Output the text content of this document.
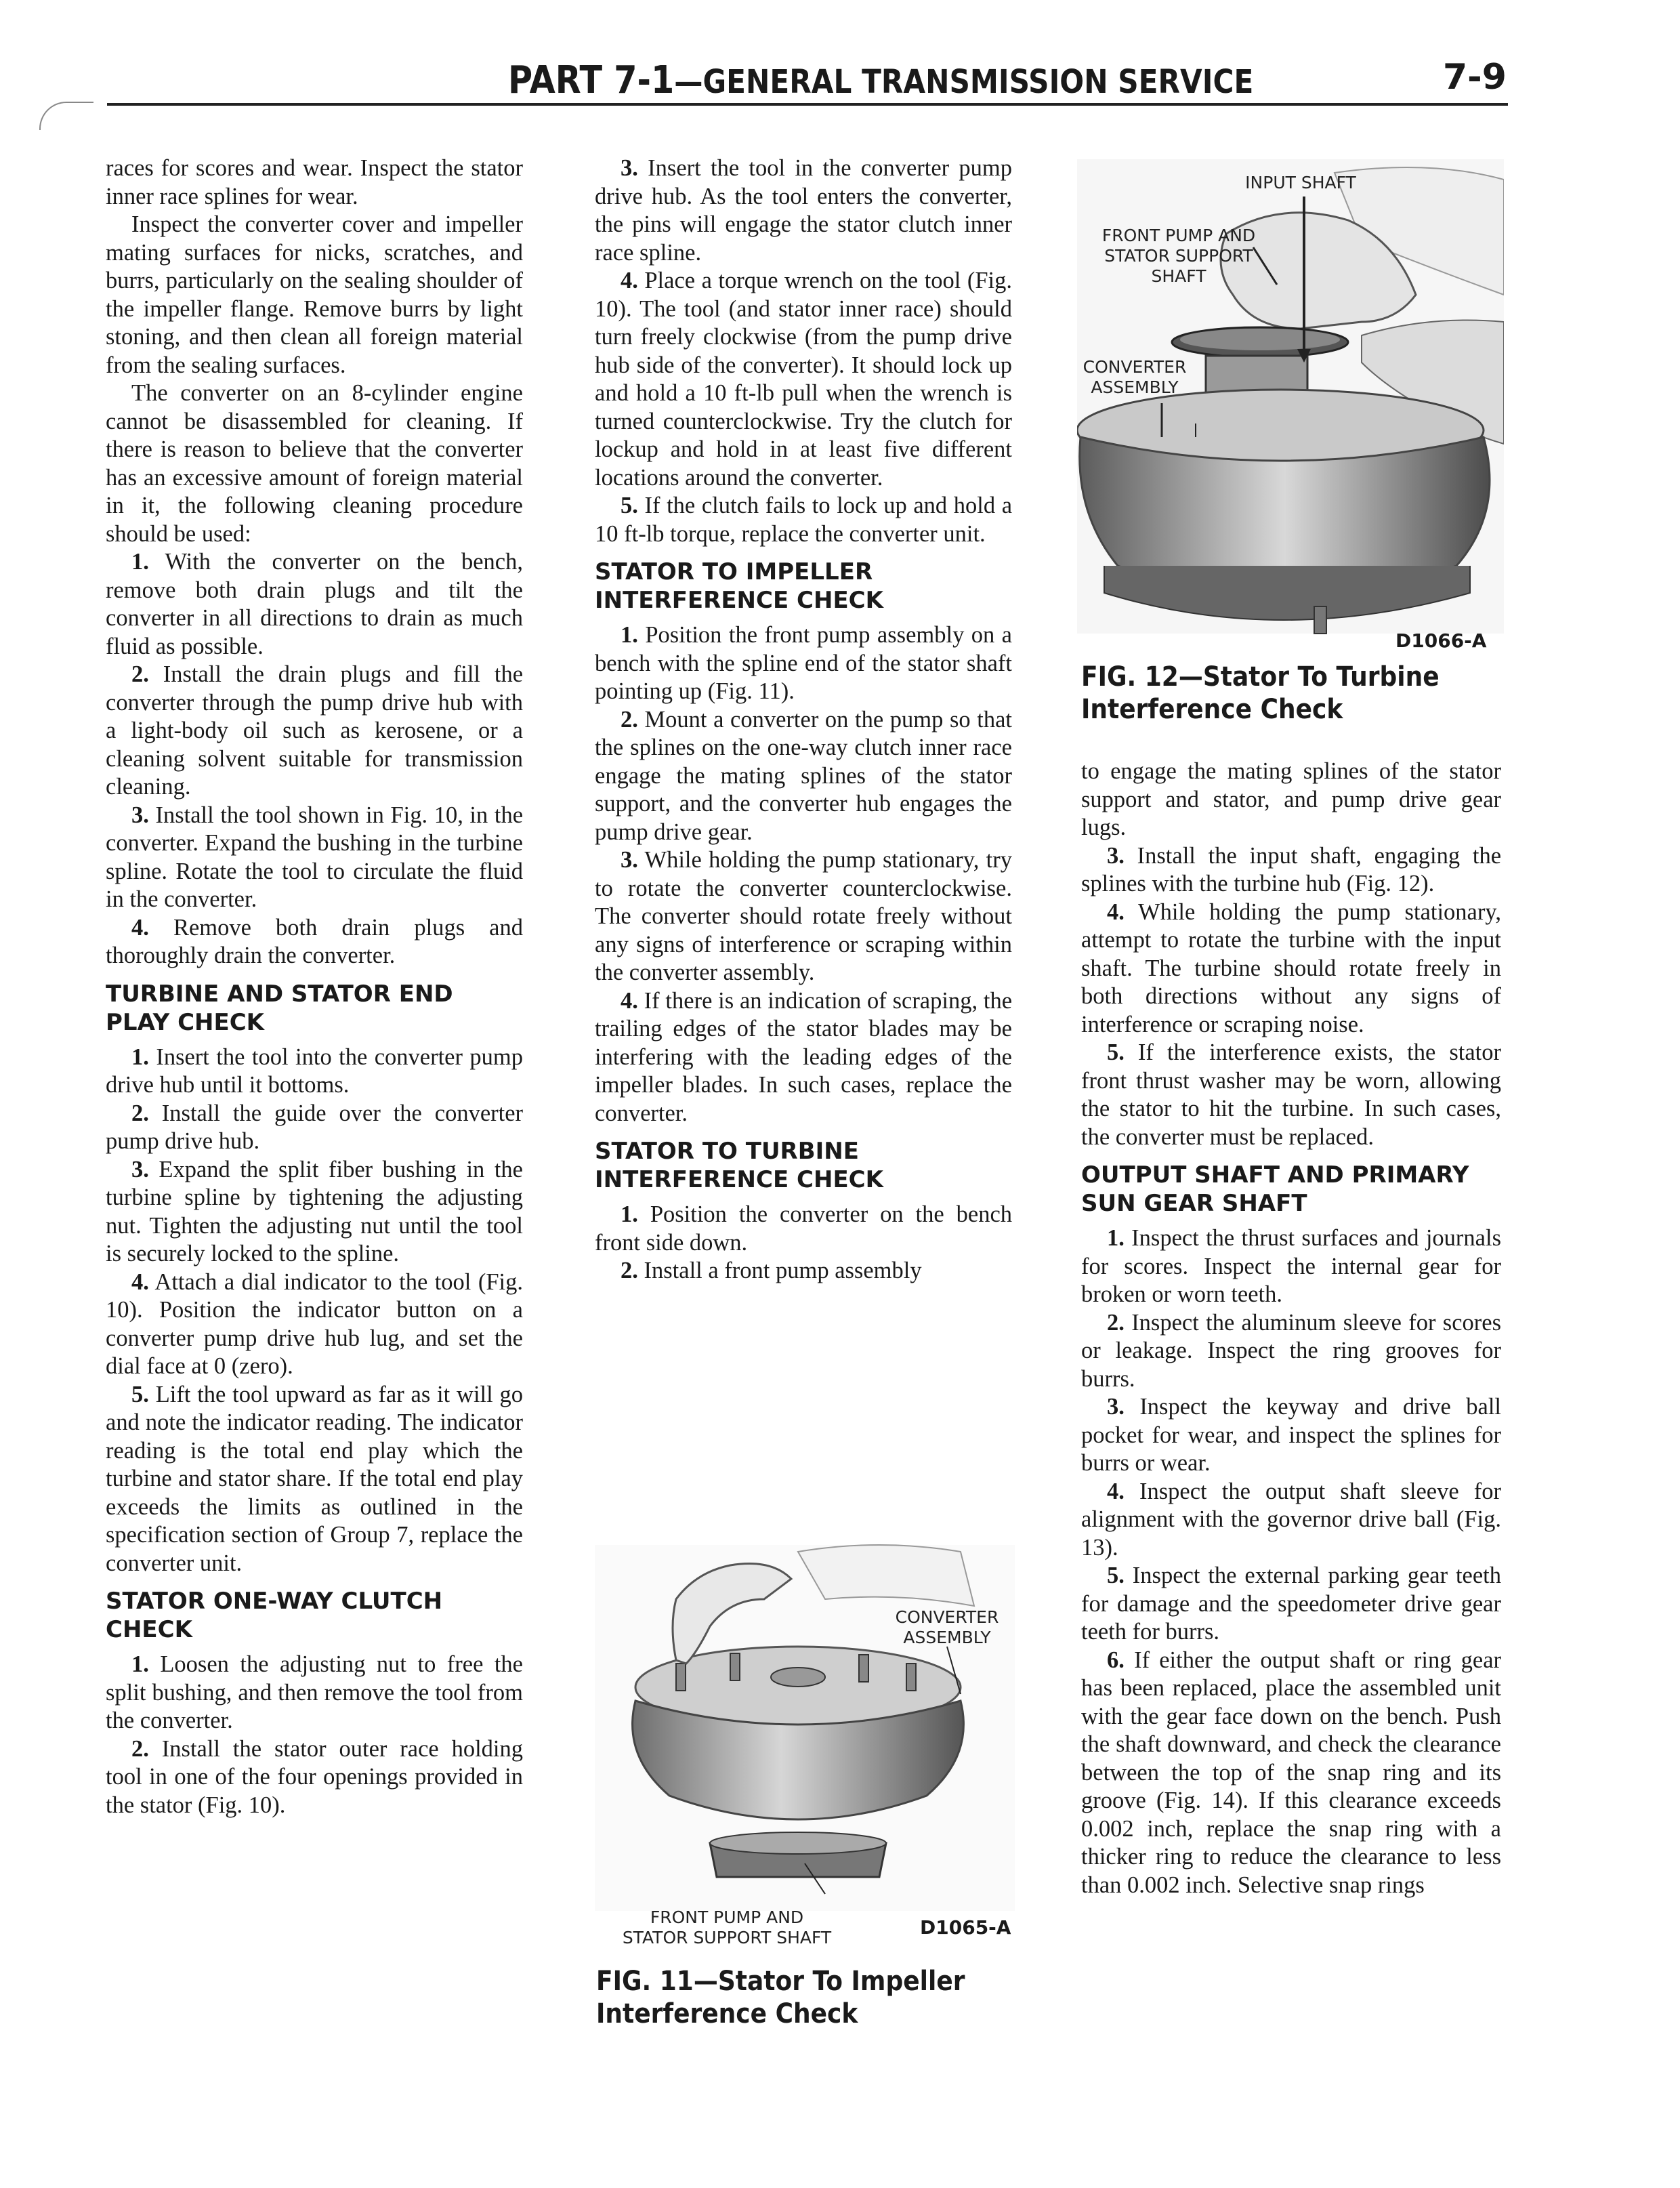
PART 7-1—GENERAL TRANSMISSION SERVICE	7-9

races for scores and wear. Inspect the stator inner race splines for wear.

Inspect the converter cover and impeller mating surfaces for nicks, scratches, and burrs, particularly on the sealing shoulder of the impeller flange. Remove burrs by light stoning, and then clean all foreign material from the sealing surfaces.

The converter on an 8-cylinder engine cannot be disassembled for cleaning. If there is reason to believe that the converter has an excessive amount of foreign material in it, the following cleaning procedure should be used:

1. With the converter on the bench, remove both drain plugs and tilt the converter in all directions to drain as much fluid as possible.

2. Install the drain plugs and fill the converter through the pump drive hub with a light-body oil such as kerosene, or a cleaning solvent suitable for transmission cleaning.

3. Install the tool shown in Fig. 10, in the converter. Expand the bushing in the turbine spline. Rotate the tool to circulate the fluid in the converter.

4. Remove both drain plugs and thoroughly drain the converter.

TURBINE AND STATOR END PLAY CHECK

1. Insert the tool into the converter pump drive hub until it bottoms.

2. Install the guide over the converter pump drive hub.

3. Expand the split fiber bushing in the turbine spline by tightening the adjusting nut. Tighten the adjusting nut until the tool is securely locked to the spline.

4. Attach a dial indicator to the tool (Fig. 10). Position the indicator button on a converter pump drive hub lug, and set the dial face at 0 (zero).

5. Lift the tool upward as far as it will go and note the indicator reading. The indicator reading is the total end play which the turbine and stator share. If the total end play exceeds the limits as outlined in the specification section of Group 7, replace the converter unit.

STATOR ONE-WAY CLUTCH CHECK

1. Loosen the adjusting nut to free the split bushing, and then remove the tool from the converter.

2. Install the stator outer race holding tool in one of the four openings provided in the stator (Fig. 10).

3. Insert the tool in the converter pump drive hub. As the tool enters the converter, the pins will engage the stator clutch inner race spline.

4. Place a torque wrench on the tool (Fig. 10). The tool (and stator inner race) should turn freely clockwise (from the pump drive hub side of the converter). It should lock up and hold a 10 ft-lb pull when the wrench is turned counterclockwise. Try the clutch for lockup and hold in at least five different locations around the converter.

5. If the clutch fails to lock up and hold a 10 ft-lb torque, replace the converter unit.

STATOR TO IMPELLER INTERFERENCE CHECK

1. Position the front pump assembly on a bench with the spline end of the stator shaft pointing up (Fig. 11).

2. Mount a converter on the pump so that the splines on the one-way clutch inner race engage the mating splines of the stator support, and the converter hub engages the pump drive gear.

3. While holding the pump stationary, try to rotate the converter counterclockwise. The converter should rotate freely without any signs of interference or scraping within the converter assembly.

4. If there is an indication of scraping, the trailing edges of the stator blades may be interfering with the leading edges of the impeller blades. In such cases, replace the converter.

STATOR TO TURBINE INTERFERENCE CHECK

1. Position the converter on the bench front side down.

2. Install a front pump assembly

CONVERTER ASSEMBLY
FRONT PUMP AND STATOR SUPPORT SHAFT	D1065-A
FIG. 11—Stator To Impeller Interference Check
INPUT SHAFT
FRONT PUMP AND STATOR SUPPORT SHAFT
CONVERTER ASSEMBLY
D1066-A
FIG. 12—Stator To Turbine Interference Check

to engage the mating splines of the stator support and stator, and pump drive gear lugs.

3. Install the input shaft, engaging the splines with the turbine hub (Fig. 12).

4. While holding the pump stationary, attempt to rotate the turbine with the input shaft. The turbine should rotate freely in both directions without any signs of interference or scraping noise.

5. If the interference exists, the stator front thrust washer may be worn, allowing the stator to hit the turbine. In such cases, the converter must be replaced.

OUTPUT SHAFT AND PRIMARY SUN GEAR SHAFT

1. Inspect the thrust surfaces and journals for scores. Inspect the internal gear for broken or worn teeth.

2. Inspect the aluminum sleeve for scores or leakage. Inspect the ring grooves for burrs.

3. Inspect the keyway and drive ball pocket for wear, and inspect the splines for burrs or wear.

4. Inspect the output shaft sleeve for alignment with the governor drive ball (Fig. 13).

5. Inspect the external parking gear teeth for damage and the speedometer drive gear teeth for burrs.

6. If either the output shaft or ring gear has been replaced, place the assembled unit with the gear face down on the bench. Push the shaft downward, and check the clearance between the top of the snap ring and its groove (Fig. 14). If this clearance exceeds 0.002 inch, replace the snap ring with a thicker ring to reduce the clearance to less than 0.002 inch. Selective snap rings
